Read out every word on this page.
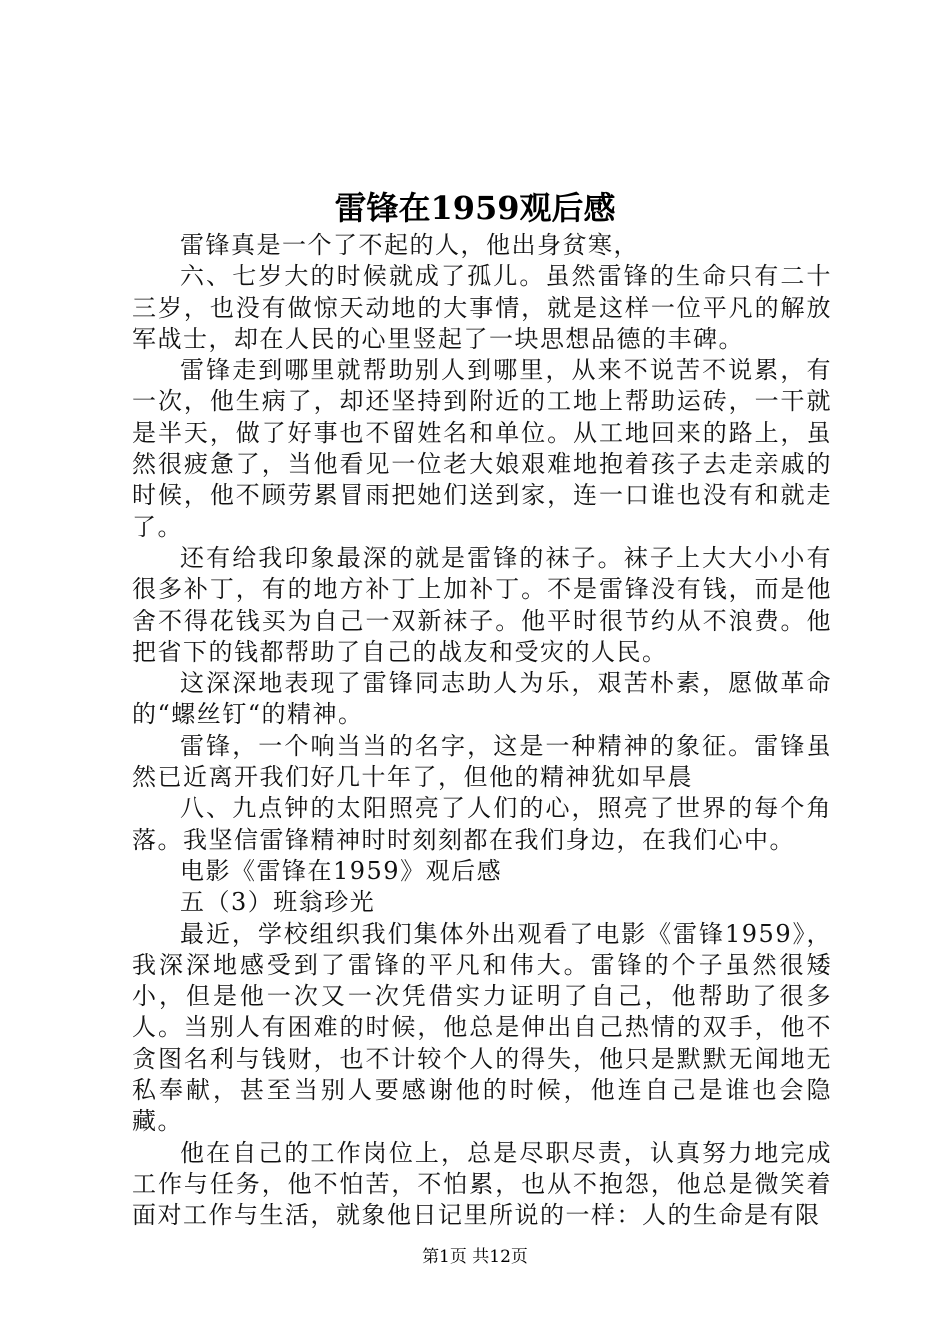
雷锋在1959观后感

雷锋真是一个了不起的人，他出身贫寒，

六、七岁大的时候就成了孤儿。虽然雷锋的生命只有二十三岁，也没有做惊天动地的大事情，就是这样一位平凡的解放军战士，却在人民的心里竖起了一块思想品德的丰碑。

雷锋走到哪里就帮助别人到哪里，从来不说苦不说累，有一次，他生病了，却还坚持到附近的工地上帮助运砖，一干就是半天，做了好事也不留姓名和单位。从工地回来的路上，虽然很疲惫了，当他看见一位老大娘艰难地抱着孩子去走亲戚的时候，他不顾劳累冒雨把她们送到家，连一口谁也没有和就走了。

还有给我印象最深的就是雷锋的袜子。袜子上大大小小有很多补丁，有的地方补丁上加补丁。不是雷锋没有钱，而是他舍不得花钱买为自己一双新袜子。他平时很节约从不浪费。他把省下的钱都帮助了自己的战友和受灾的人民。

这深深地表现了雷锋同志助人为乐，艰苦朴素，愿做革命的“螺丝钉“的精神。

雷锋，一个响当当的名字，这是一种精神的象征。雷锋虽然已近离开我们好几十年了，但他的精神犹如早晨

八、九点钟的太阳照亮了人们的心，照亮了世界的每个角落。我坚信雷锋精神时时刻刻都在我们身边，在我们心中。

电影《雷锋在1959》观后感

五（3）班翁珍光

最近，学校组织我们集体外出观看了电影《雷锋1959》，我深深地感受到了雷锋的平凡和伟大。雷锋的个子虽然很矮小，但是他一次又一次凭借实力证明了自己，他帮助了很多人。当别人有困难的时候，他总是伸出自己热情的双手，他不贪图名利与钱财，也不计较个人的得失，他只是默默无闻地无私奉献，甚至当别人要感谢他的时候，他连自己是谁也会隐藏。

他在自己的工作岗位上，总是尽职尽责，认真努力地完成工作与任务，他不怕苦，不怕累，也从不抱怨，他总是微笑着面对工作与生活，就象他日记里所说的一样：人的生命是有限

第1页 共12页
